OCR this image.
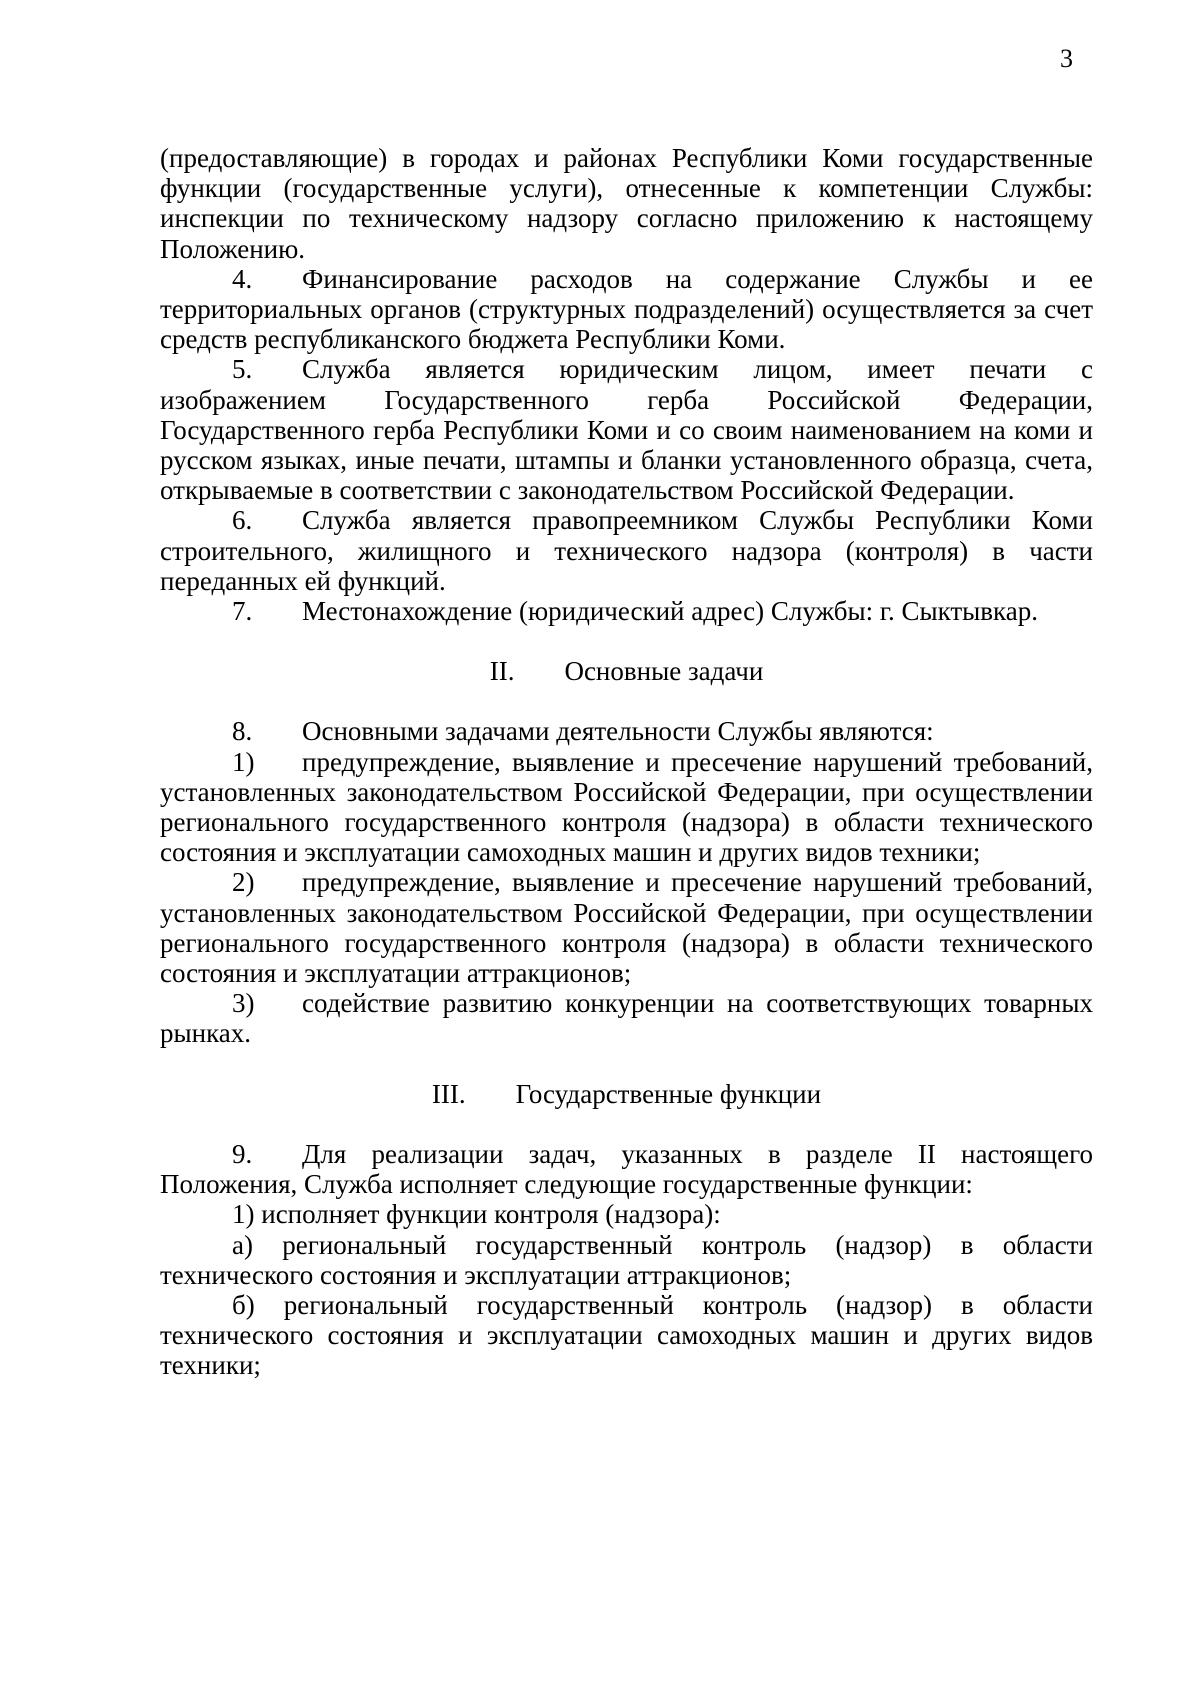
3

(предоставляющие) в городах и районах Республики Коми государственные функции (государственные услуги), отнесенные к компетенции Службы: инспекции по техническому надзору согласно приложению к настоящему Положению.

4. Финансирование расходов на содержание Службы и ее территориальных органов (структурных подразделений) осуществляется за счет средств республиканского бюджета Республики Коми.

5. Служба является юридическим лицом, имеет печати с изображением Государственного герба Российской Федерации, Государственного герба Республики Коми и со своим наименованием на коми и русском языках, иные печати, штампы и бланки установленного образца, счета, открываемые в соответствии с законодательством Российской Федерации.

6. Служба является правопреемником Службы Республики Коми строительного, жилищного и технического надзора (контроля) в части переданных ей функций.

7. Местонахождение (юридический адрес) Службы: г. Сыктывкар.

II. Основные задачи

8. Основными задачами деятельности Службы являются:

1) предупреждение, выявление и пресечение нарушений требований, установленных законодательством Российской Федерации, при осуществлении регионального государственного контроля (надзора) в области технического состояния и эксплуатации самоходных машин и других видов техники;

2) предупреждение, выявление и пресечение нарушений требований, установленных законодательством Российской Федерации, при осуществлении регионального государственного контроля (надзора) в области технического состояния и эксплуатации аттракционов;

3) содействие развитию конкуренции на соответствующих товарных рынках.

III. Государственные функции

9. Для реализации задач, указанных в разделе II настоящего Положения, Служба исполняет следующие государственные функции:

1) исполняет функции контроля (надзора):

а) региональный государственный контроль (надзор) в области технического состояния и эксплуатации аттракционов;

б) региональный государственный контроль (надзор) в области технического состояния и эксплуатации самоходных машин и других видов техники;
